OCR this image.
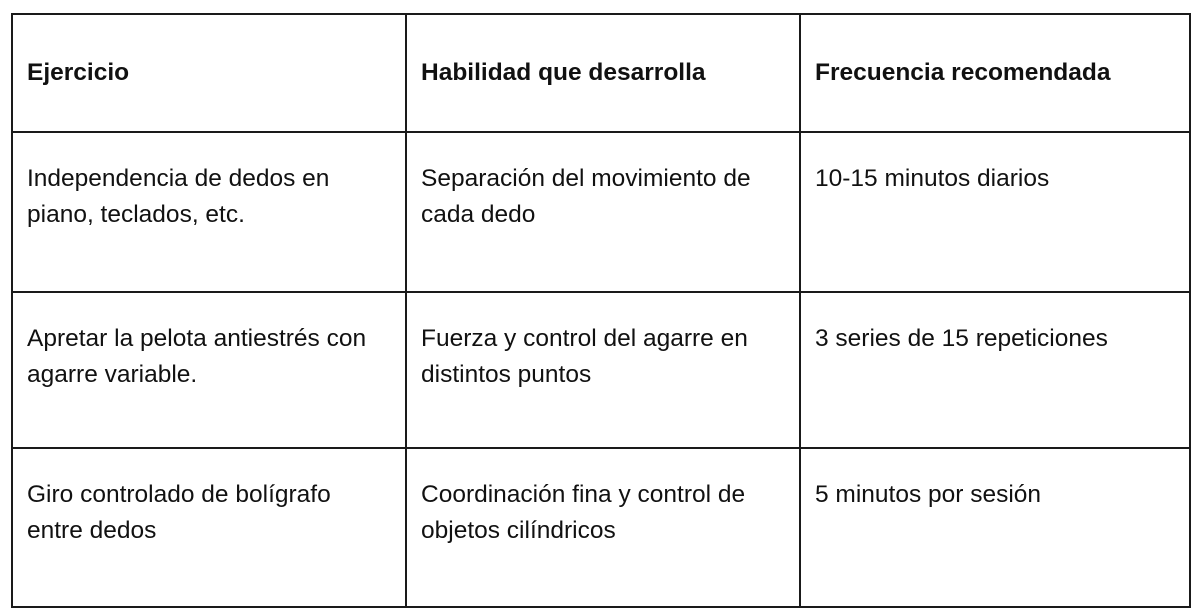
Ejercicio	Habilidad que desarrolla	Frecuencia recomendada
Independencia de dedos en piano, teclados, etc.	Separación del movimiento de cada dedo	10-15 minutos diarios
Apretar la pelota antiestrés con agarre variable.	Fuerza y control del agarre en distintos puntos	3 series de 15 repeticiones
Giro controlado de bolígrafo entre dedos	Coordinación fina y control de objetos cilíndricos	5 minutos por sesión
